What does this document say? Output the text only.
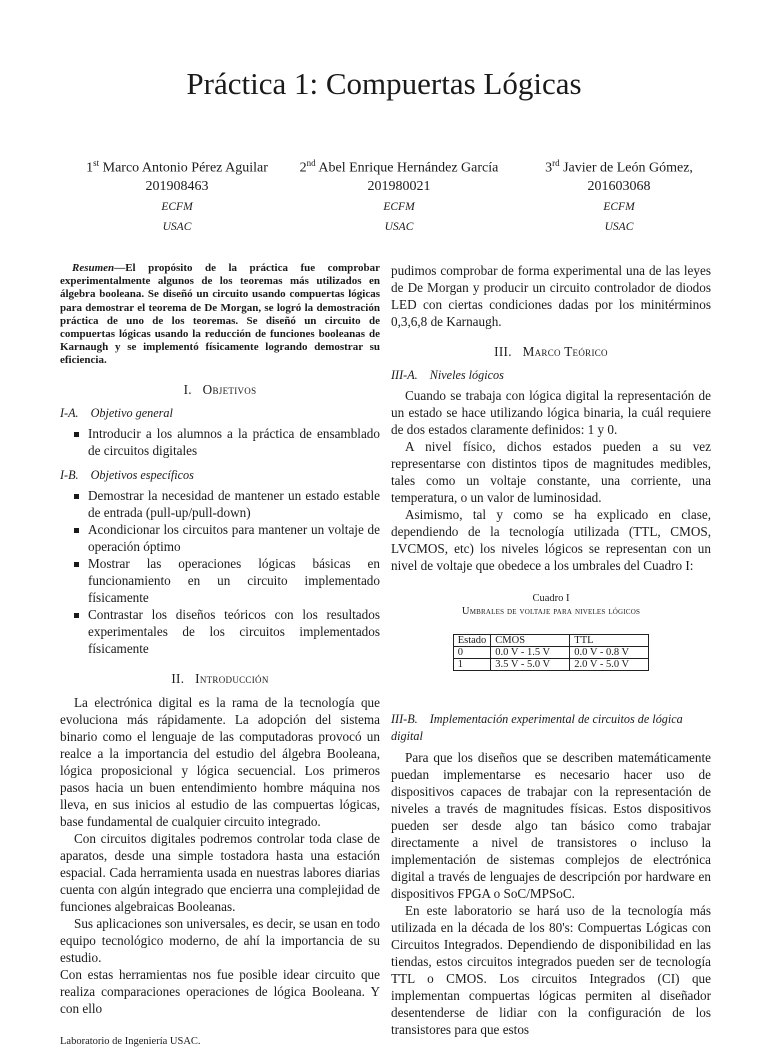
Práctica 1: Compuertas Lógicas
1st Marco Antonio Pérez Aguilar
201908463
ECFM
USAC
2nd Abel Enrique Hernández García
201980021
ECFM
USAC
3rd Javier de León Gómez,
201603068
ECFM
USAC

Resumen—El propósito de la práctica fue comprobar experimentalmente algunos de los teoremas más utilizados en álgebra booleana. Se diseñó un circuito usando compuertas lógicas para demostrar el teorema de De Morgan, se logró la demostración práctica de uno de los teoremas. Se diseñó un circuito de compuertas lógicas usando la reducción de funciones booleanas de Karnaugh y se implementó físicamente logrando demostrar su eficiencia.

I. Objetivos
I-A. Objetivo general
Introducir a los alumnos a la práctica de ensamblado de circuitos digitales
I-B. Objetivos específicos
Demostrar la necesidad de mantener un estado estable de entrada (pull-up/pull-down)
Acondicionar los circuitos para mantener un voltaje de operación óptimo
Mostrar las operaciones lógicas básicas en funcionamiento en un circuito implementado físicamente
Contrastar los diseños teóricos con los resultados experimentales de los circuitos implementados físicamente
II. Introducción

La electrónica digital es la rama de la tecnología que evoluciona más rápidamente. La adopción del sistema binario como el lenguaje de las computadoras provocó un realce a la importancia del estudio del álgebra Booleana, lógica proposicional y lógica secuencial. Los primeros pasos hacia un buen entendimiento hombre máquina nos lleva, en sus inicios al estudio de las compuertas lógicas, base fundamental de cualquier circuito integrado.

Con circuitos digitales podremos controlar toda clase de aparatos, desde una simple tostadora hasta una estación espacial. Cada herramienta usada en nuestras labores diarias cuenta con algún integrado que encierra una complejidad de funciones algebraicas Booleanas.

Sus aplicaciones son universales, es decir, se usan en todo equipo tecnológico moderno, de ahí la importancia de su estudio.

Con estas herramientas nos fue posible idear circuito que realiza comparaciones operaciones de lógica Booleana. Y con ello

Laboratorio de Ingeniería USAC.

pudimos comprobar de forma experimental una de las leyes de De Morgan y producir un circuito controlador de diodos LED con ciertas condiciones dadas por los minitérminos 0,3,6,8 de Karnaugh.

III. Marco Teórico
III-A. Niveles lógicos

Cuando se trabaja con lógica digital la representación de un estado se hace utilizando lógica binaria, la cuál requiere de dos estados claramente definidos: 1 y 0.

A nivel físico, dichos estados pueden a su vez representarse con distintos tipos de magnitudes medibles, tales como un voltaje constante, una corriente, una temperatura, o un valor de luminosidad.

Asimismo, tal y como se ha explicado en clase, dependiendo de la tecnología utilizada (TTL, CMOS, LVCMOS, etc) los niveles lógicos se representan con un nivel de voltaje que obedece a los umbrales del Cuadro I:

Cuadro I
Umbrales de voltaje para niveles lógicos
Estado	CMOS	TTL
0	0.0 V - 1.5 V	0.0 V - 0.8 V
1	3.5 V - 5.0 V	2.0 V - 5.0 V
III-B. Implementación experimental de circuitos de lógica digital

Para que los diseños que se describen matemáticamente puedan implementarse es necesario hacer uso de dispositivos capaces de trabajar con la representación de niveles a través de magnitudes físicas. Estos dispositivos pueden ser desde algo tan básico como trabajar directamente a nivel de transistores o incluso la implementación de sistemas complejos de electrónica digital a través de lenguajes de descripción por hardware en dispositivos FPGA o SoC/MPSoC.

En este laboratorio se hará uso de la tecnología más utilizada en la década de los 80's: Compuertas Lógicas con Circuitos Integrados. Dependiendo de disponibilidad en las tiendas, estos circuitos integrados pueden ser de tecnología TTL o CMOS. Los circuitos Integrados (CI) que implementan compuertas lógicas permiten al diseñador desentenderse de lidiar con la configuración de los transistores para que estos
